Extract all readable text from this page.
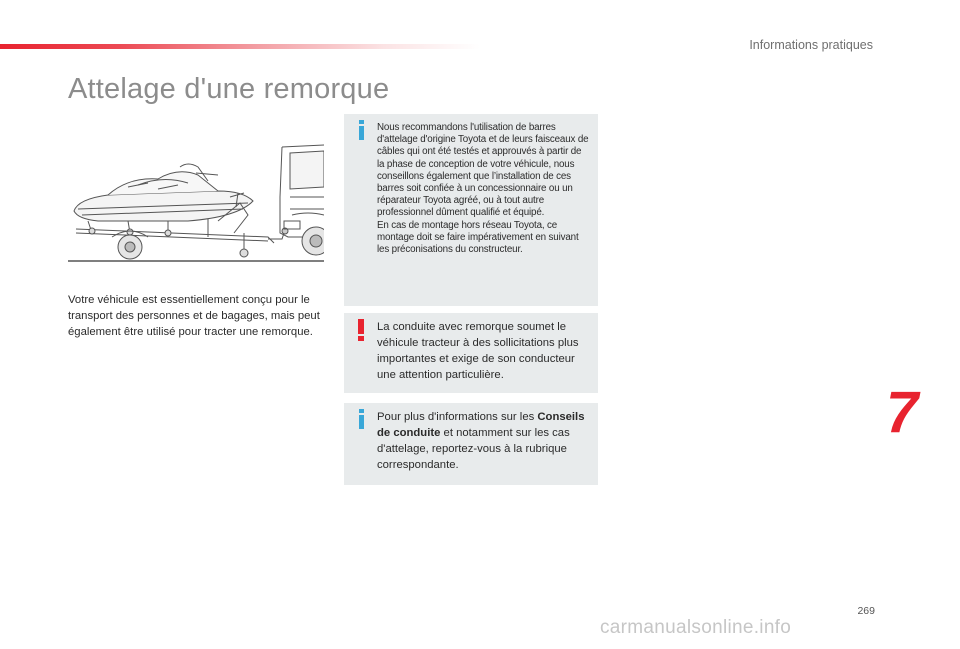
Informations pratiques
Attelage d'une remorque
Votre véhicule est essentiellement conçu pour le transport des personnes et de bagages, mais peut également être utilisé pour tracter une remorque.
Nous recommandons l'utilisation de barres d'attelage d'origine Toyota et de leurs faisceaux de câbles qui ont été testés et approuvés à partir de la phase de conception de votre véhicule, nous conseillons également que l’installation de ces barres soit confiée à un concessionnaire ou un réparateur Toyota agréé, ou à tout autre professionnel dûment qualifié et équipé.
En cas de montage hors réseau Toyota, ce montage doit se faire impérativement en suivant les préconisations du constructeur.
La conduite avec remorque soumet le véhicule tracteur à des sollicitations plus importantes et exige de son conducteur une attention particulière.
Pour plus d'informations sur les Conseils de conduite et notamment sur les cas d'attelage, reportez-vous à la rubrique correspondante.
7
269
carmanualsonline.info
